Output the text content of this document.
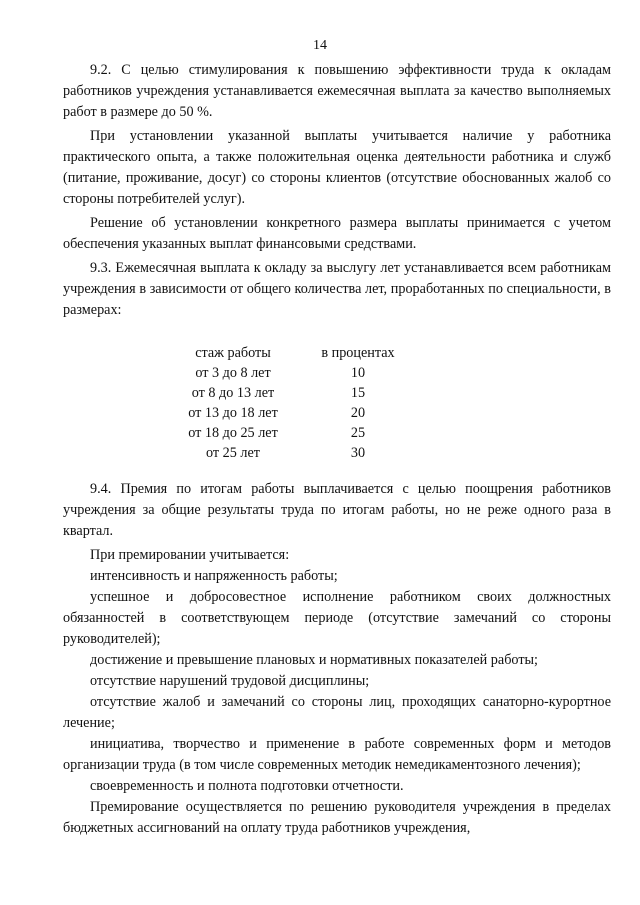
14

9.2. С целью стимулирования к повышению эффективности труда к окладам работников учреждения устанавливается ежемесячная выплата за качество выполняемых работ в размере до 50 %.

При установлении указанной выплаты учитывается наличие у работника практического опыта, а также положительная оценка деятельности работника и служб (питание, проживание, досуг) со стороны клиентов (отсутствие обоснованных жалоб со стороны потребителей услуг).

Решение об установлении конкретного размера выплаты принимается с учетом обеспечения указанных выплат финансовыми средствами.

9.3. Ежемесячная выплата к окладу за выслугу лет устанавливается всем работникам учреждения в зависимости от общего количества лет, проработанных по специальности, в размерах:

стаж работы	в процентах
от 3 до 8 лет	10
от 8 до 13 лет	15
от 13 до 18 лет	20
от 18 до 25 лет	25
от 25 лет	30

9.4. Премия по итогам работы выплачивается с целью поощрения работников учреждения за общие результаты труда по итогам работы, но не реже одного раза в квартал.

При премировании учитывается:

интенсивность и напряженность работы;

успешное и добросовестное исполнение работником своих должностных обязанностей в соответствующем периоде (отсутствие замечаний со стороны руководителей);

достижение и превышение плановых и нормативных показателей работы;

отсутствие нарушений трудовой дисциплины;

отсутствие жалоб и замечаний со стороны лиц, проходящих санаторно-курортное лечение;

инициатива, творчество и применение в работе современных форм и методов организации труда (в том числе современных методик немедикаментозного лечения);

своевременность и полнота подготовки отчетности.

Премирование осуществляется по решению руководителя учреждения в пределах бюджетных ассигнований на оплату труда работников учреждения,
